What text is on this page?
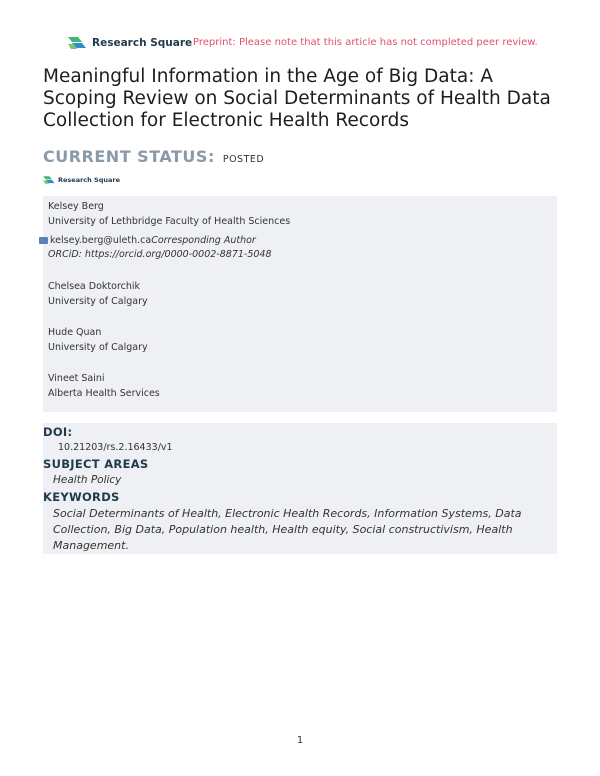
Research Square Preprint: Please note that this article has not completed peer review.
Meaningful Information in the Age of Big Data: A Scoping Review on Social Determinants of Health Data Collection for Electronic Health Records
CURRENT STATUS: POSTED
Research Square
Kelsey Berg
University of Lethbridge Faculty of Health Sciences
kelsey.berg@uleth.ca Corresponding Author
ORCiD: https://orcid.org/0000-0002-8871-5048
Chelsea Doktorchik
University of Calgary
Hude Quan
University of Calgary
Vineet Saini
Alberta Health Services
DOI:
10.21203/rs.2.16433/v1
SUBJECT AREAS
Health Policy
KEYWORDS
Social Determinants of Health, Electronic Health Records, Information Systems, Data Collection, Big Data, Population health, Health equity, Social constructivism, Health Management.
1
